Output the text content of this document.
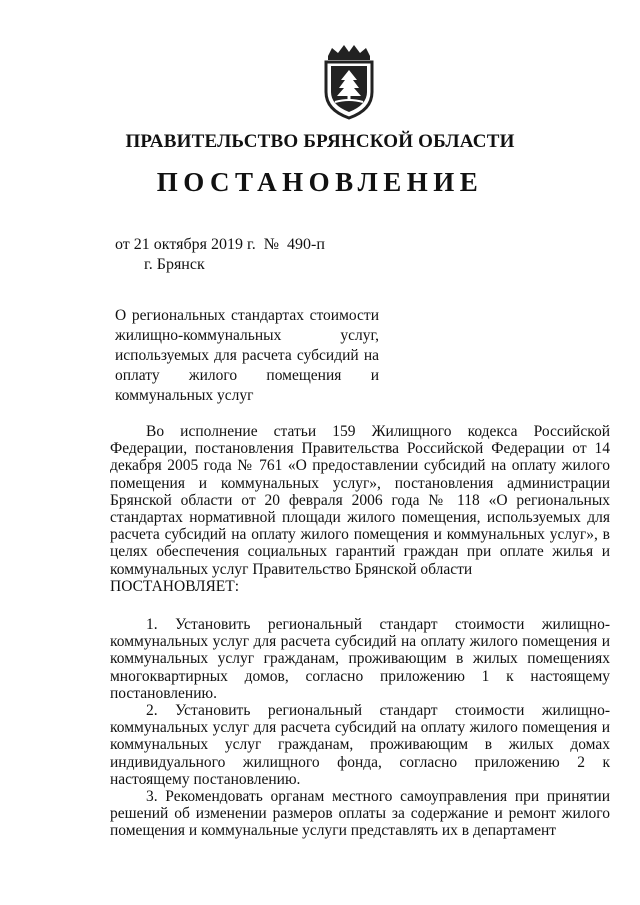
ПРАВИТЕЛЬСТВО БРЯНСКОЙ ОБЛАСТИ
ПОСТАНОВЛЕНИЕ
от 21 октября 2019 г.  №  490-п
г. Брянск
О региональных стандартах стоимости жилищно-коммунальных услуг, используемых для расчета субсидий на оплату жилого помещения и коммунальных услуг

Во исполнение статьи 159 Жилищного кодекса Российской Федерации, постановления Правительства Российской Федерации от 14 декабря 2005 года № 761 «О предоставлении субсидий на оплату жилого помещения и коммунальных услуг», постановления администрации Брянской области от 20 февраля 2006 года № 118 «О региональных стандартах нормативной площади жилого помещения, используемых для расчета субсидий на оплату жилого помещения и коммунальных услуг», в целях обеспечения социальных гарантий граждан при оплате жилья и коммунальных услуг Правительство Брянской области

ПОСТАНОВЛЯЕТ:

1. Установить региональный стандарт стоимости жилищно-коммунальных услуг для расчета субсидий на оплату жилого помещения и коммунальных услуг гражданам, проживающим в жилых помещениях многоквартирных домов, согласно приложению 1 к настоящему постановлению.

2. Установить региональный стандарт стоимости жилищно-коммунальных услуг для расчета субсидий на оплату жилого помещения и коммунальных услуг гражданам, проживающим в жилых домах индивидуального жилищного фонда, согласно приложению 2 к настоящему постановлению.

3. Рекомендовать органам местного самоуправления при принятии решений об изменении размеров оплаты за содержание и ремонт жилого помещения и коммунальные услуги представлять их в департамент
